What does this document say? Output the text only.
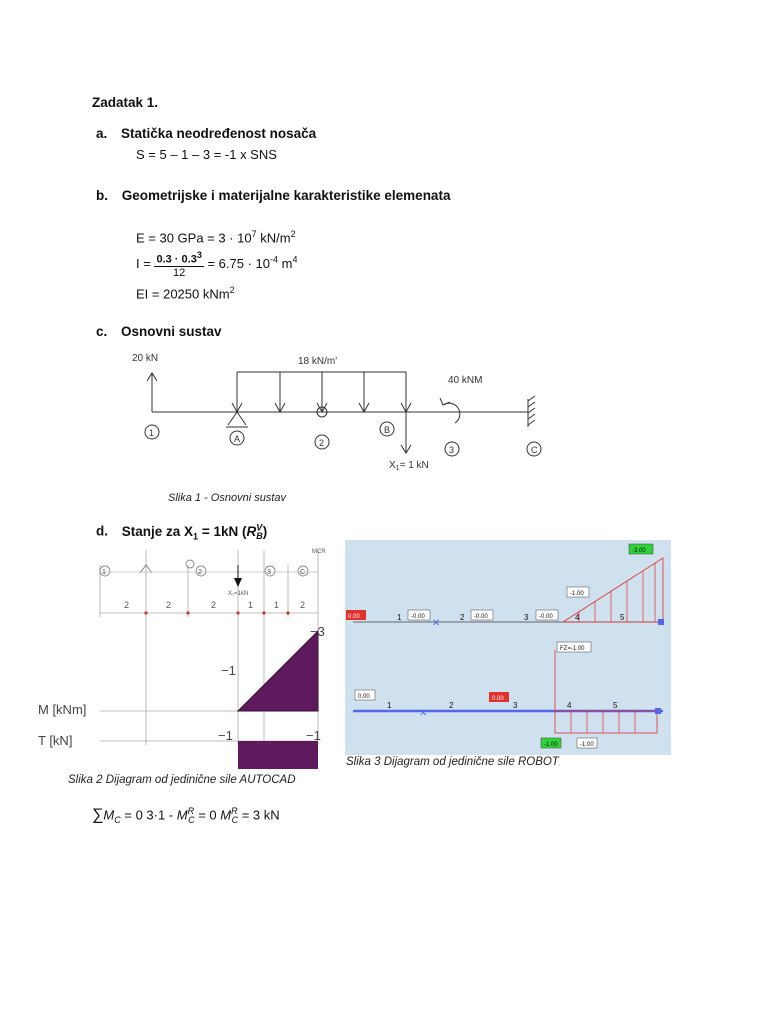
Zadatak 1.
a. Statička neodređenost nosača
S = 5 – 1 – 3 = -1 x SNS
b. Geometrijske i materijalne karakteristike elemenata
E = 30 GPa = $3 \cdot 10^7$ $kN/m^2$
$I = \frac{0.3 \cdot 0.3^3}{12} = 6.75 \cdot 10^{-4}$ $m^4$
EI = 20250 kNm$^2$
c. Osnovni sustav
20 kN	18 kN/m'
40 kNM
$X_1= 1$ kN
1
A	2
B
3	C
Slika 1 - Osnovni sustav
d. Stanje za $X_1 = 1kN$ $(R^V_B)$
2	2	2	1 1 2
1	2	3	C
MCR
X₁=1kN
M [kNm]
T [kN]
−3
−1
−1	−1
Slika 2 Dijagram od jedinične sile AUTOCAD
0.00	-0.00	-0.00	-0.00
-1.00
-3.00
1	2	3	4	5
✕
0.00	0.00
FZ=-1.00
-1.00	-1.00
1	2	3	4	5
✕
Slika 3 Dijagram od jedinične sile ROBOT
$\sum M_C = 0$ $3\cdot 1 - M^R_C = 0$ $M^R_C = 3$ kN
